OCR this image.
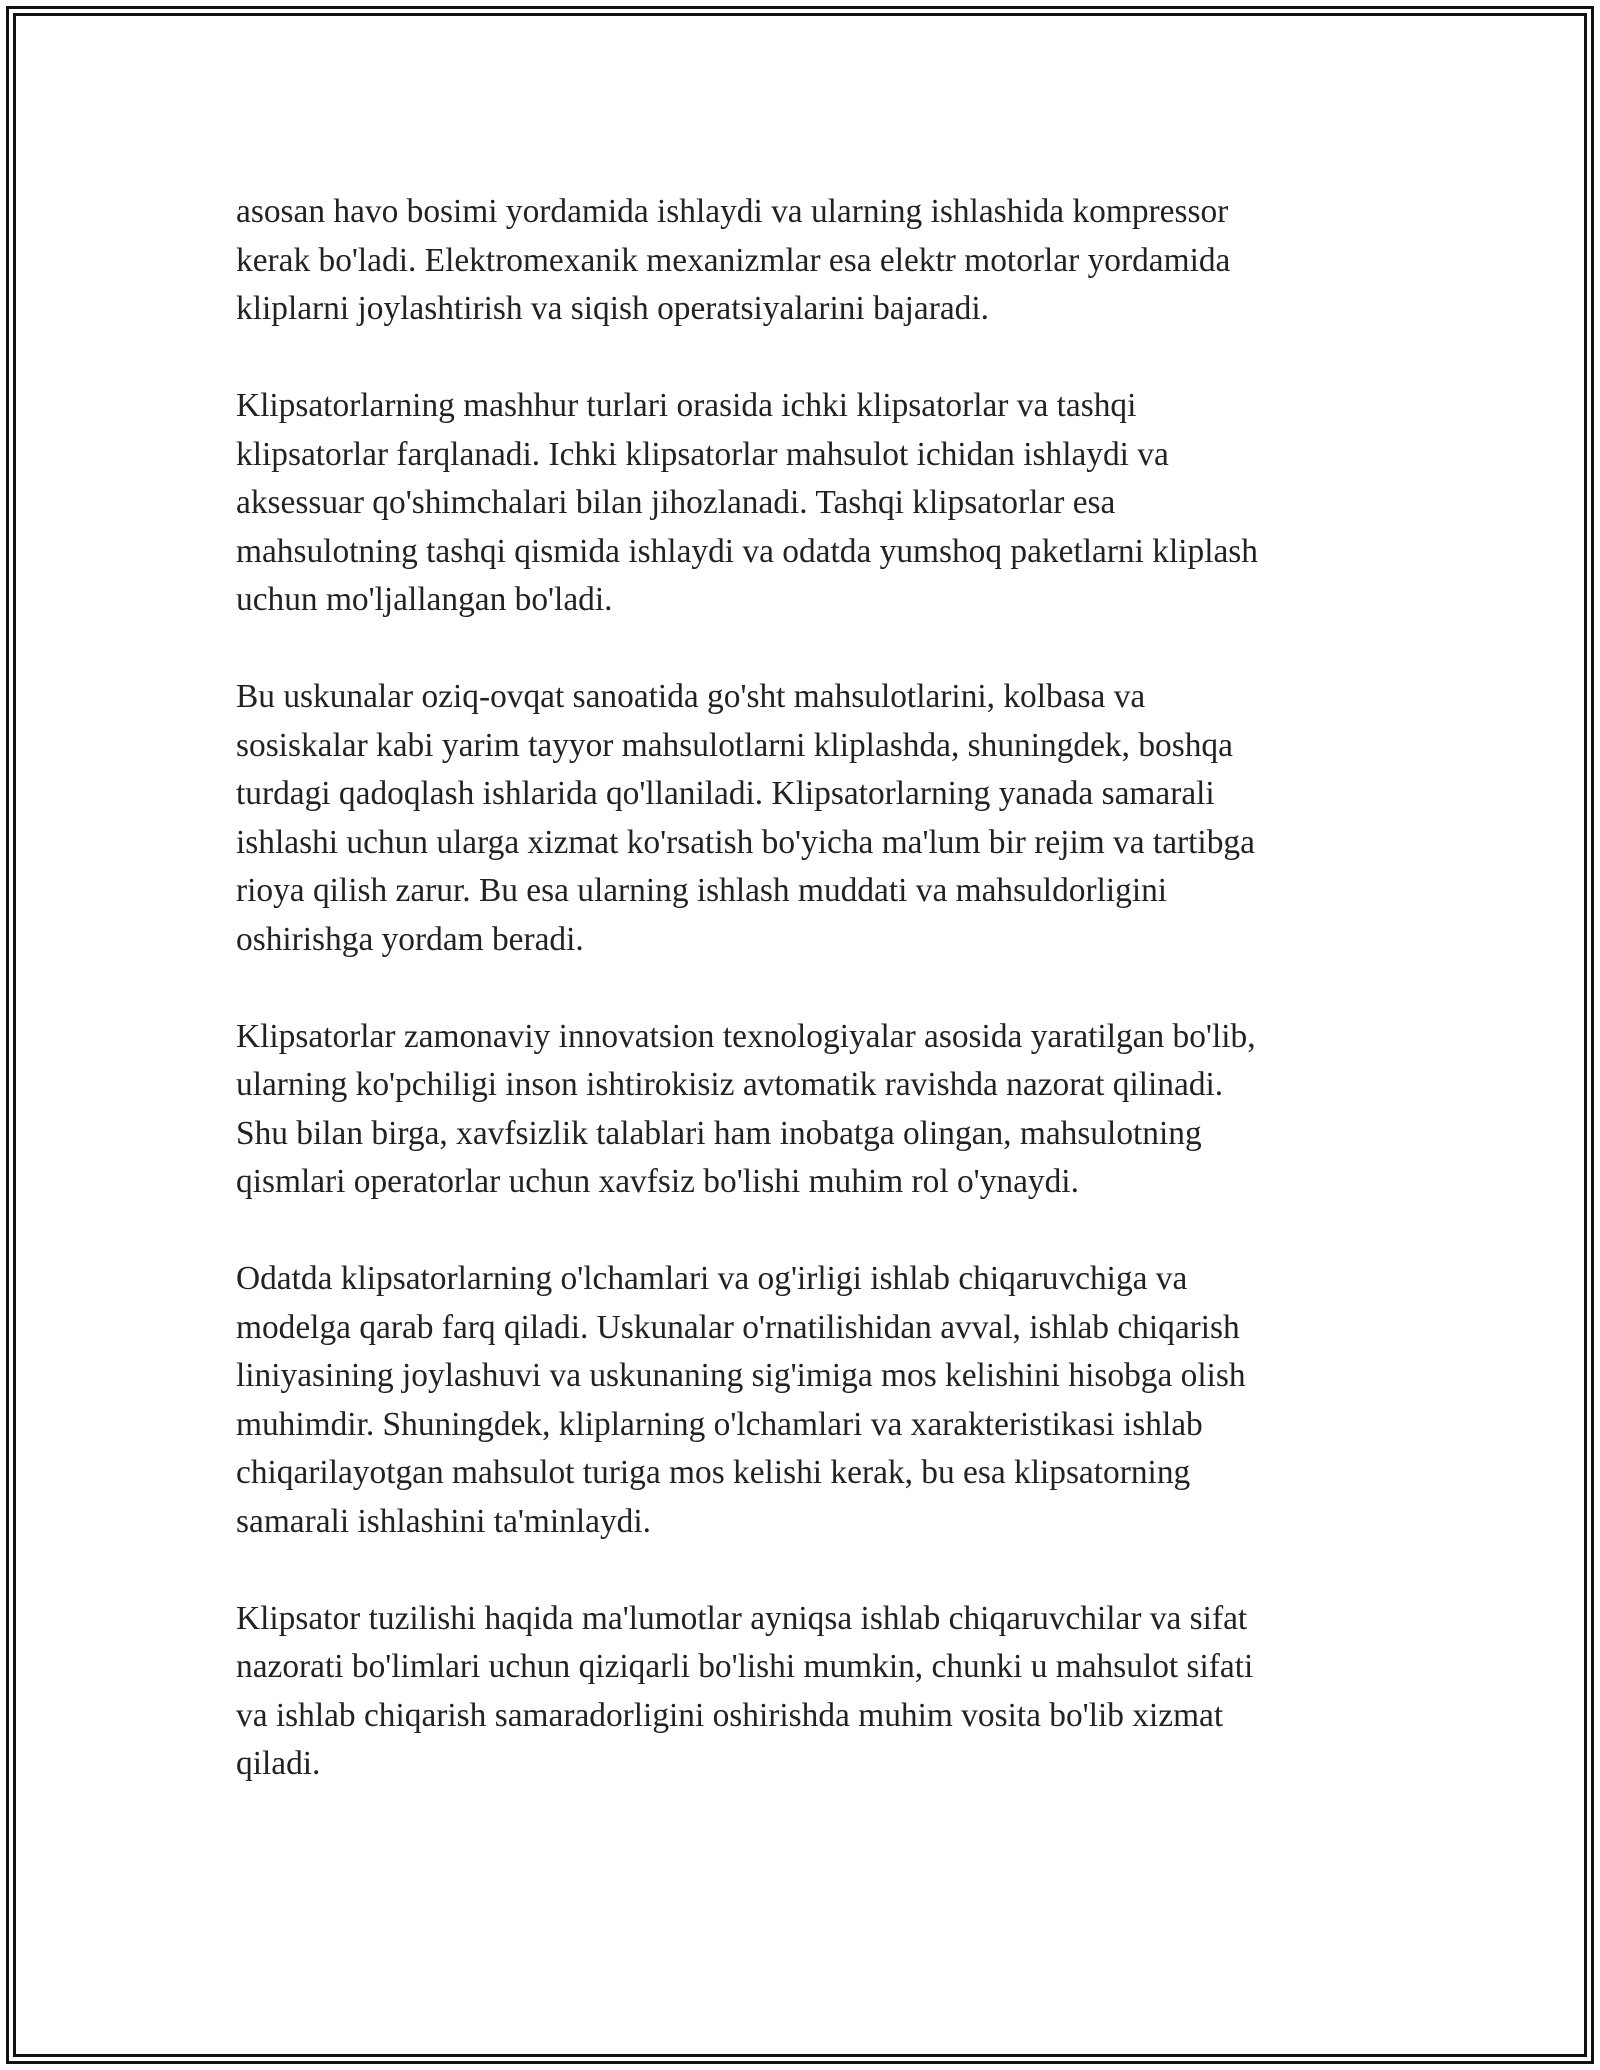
asosan havo bosimi yordamida ishlaydi va ularning ishlashida kompressor
kerak bo'ladi. Elektromexanik mexanizmlar esa elektr motorlar yordamida
kliplarni joylashtirish va siqish operatsiyalarini bajaradi.

Klipsatorlarning mashhur turlari orasida ichki klipsatorlar va tashqi
klipsatorlar farqlanadi. Ichki klipsatorlar mahsulot ichidan ishlaydi va
aksessuar qo'shimchalari bilan jihozlanadi. Tashqi klipsatorlar esa
mahsulotning tashqi qismida ishlaydi va odatda yumshoq paketlarni kliplash
uchun mo'ljallangan bo'ladi.

Bu uskunalar oziq-ovqat sanoatida go'sht mahsulotlarini, kolbasa va
sosiskalar kabi yarim tayyor mahsulotlarni kliplashda, shuningdek, boshqa
turdagi qadoqlash ishlarida qo'llaniladi. Klipsatorlarning yanada samarali
ishlashi uchun ularga xizmat ko'rsatish bo'yicha ma'lum bir rejim va tartibga
rioya qilish zarur. Bu esa ularning ishlash muddati va mahsuldorligini
oshirishga yordam beradi.

Klipsatorlar zamonaviy innovatsion texnologiyalar asosida yaratilgan bo'lib,
ularning ko'pchiligi inson ishtirokisiz avtomatik ravishda nazorat qilinadi.
Shu bilan birga, xavfsizlik talablari ham inobatga olingan, mahsulotning
qismlari operatorlar uchun xavfsiz bo'lishi muhim rol o'ynaydi.

Odatda klipsatorlarning o'lchamlari va og'irligi ishlab chiqaruvchiga va
modelga qarab farq qiladi. Uskunalar o'rnatilishidan avval, ishlab chiqarish
liniyasining joylashuvi va uskunaning sig'imiga mos kelishini hisobga olish
muhimdir. Shuningdek, kliplarning o'lchamlari va xarakteristikasi ishlab
chiqarilayotgan mahsulot turiga mos kelishi kerak, bu esa klipsatorning
samarali ishlashini ta'minlaydi.

Klipsator tuzilishi haqida ma'lumotlar ayniqsa ishlab chiqaruvchilar va sifat
nazorati bo'limlari uchun qiziqarli bo'lishi mumkin, chunki u mahsulot sifati
va ishlab chiqarish samaradorligini oshirishda muhim vosita bo'lib xizmat
qiladi.
